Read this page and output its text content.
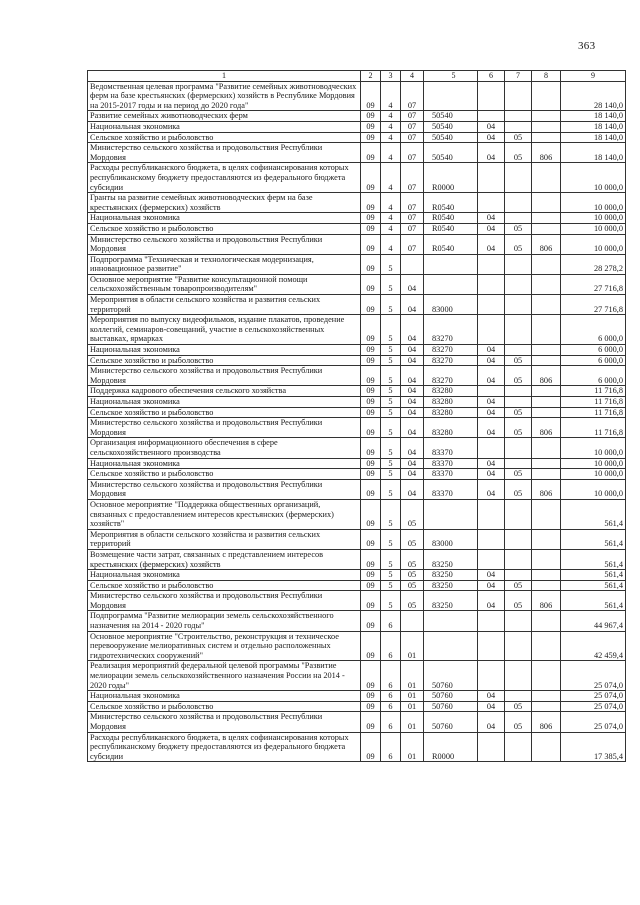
363
1	2	3	4	5	6	7	8	9
Ведомственная целевая программа "Развитие семейных животноводческих ферм на базе крестьянских (фермерских) хозяйств в Республике Мордовия на 2015-2017 годы и на период до 2020 года"	09	4	07					28 140,0
Развитие семейных животноводческих ферм	09	4	07	50540				18 140,0
Национальная экономика	09	4	07	50540	04			18 140,0
Сельское хозяйство и рыболовство	09	4	07	50540	04	05		18 140,0
Министерство сельского хозяйства и продовольствия Республики Мордовия	09	4	07	50540	04	05	806	18 140,0
Расходы республиканского бюджета, в целях софинансирования которых республиканскому бюджету предоставляются из федерального бюджета субсидии	09	4	07	R0000				10 000,0
Гранты на развитие семейных животноводческих ферм на базе крестьянских (фермерских) хозяйств	09	4	07	R0540				10 000,0
Национальная экономика	09	4	07	R0540	04			10 000,0
Сельское хозяйство и рыболовство	09	4	07	R0540	04	05		10 000,0
Министерство сельского хозяйства и продовольствия Республики Мордовия	09	4	07	R0540	04	05	806	10 000,0
Подпрограмма "Техническая и технологическая модернизация, инновационное развитие"	09	5						28 278,2
Основное мероприятие "Развитие консультационной помощи сельскохозяйственным товаропроизводителям"	09	5	04					27 716,8
Мероприятия в области сельского хозяйства и развития сельских территорий	09	5	04	83000				27 716,8
Мероприятия по выпуску видеофильмов, издание плакатов, проведение коллегий, семинаров-совещаний, участие в сельскохозяйственных выставках, ярмарках	09	5	04	83270				6 000,0
Национальная экономика	09	5	04	83270	04			6 000,0
Сельское хозяйство и рыболовство	09	5	04	83270	04	05		6 000,0
Министерство сельского хозяйства и продовольствия Республики Мордовия	09	5	04	83270	04	05	806	6 000,0
Поддержка кадрового обеспечения сельского хозяйства	09	5	04	83280				11 716,8
Национальная экономика	09	5	04	83280	04			11 716,8
Сельское хозяйство и рыболовство	09	5	04	83280	04	05		11 716,8
Министерство сельского хозяйства и продовольствия Республики Мордовия	09	5	04	83280	04	05	806	11 716,8
Организация информационного обеспечения в сфере сельскохозяйственного производства	09	5	04	83370				10 000,0
Национальная экономика	09	5	04	83370	04			10 000,0
Сельское хозяйство и рыболовство	09	5	04	83370	04	05		10 000,0
Министерство сельского хозяйства и продовольствия Республики Мордовия	09	5	04	83370	04	05	806	10 000,0
Основное мероприятие "Поддержка общественных организаций, связанных с предоставлением интересов крестьянских (фермерских) хозяйств"	09	5	05					561,4
Мероприятия в области сельского хозяйства и развития сельских территорий	09	5	05	83000				561,4
Возмещение части затрат, связанных с представлением интересов крестьянских (фермерских) хозяйств	09	5	05	83250				561,4
Национальная экономика	09	5	05	83250	04			561,4
Сельское хозяйство и рыболовство	09	5	05	83250	04	05		561,4
Министерство сельского хозяйства и продовольствия Республики Мордовия	09	5	05	83250	04	05	806	561,4
Подпрограмма "Развитие мелиорации земель сельскохозяйственного назначения на 2014 - 2020 годы"	09	6						44 967,4
Основное мероприятие "Строительство, реконструкция и техническое перевооружение мелиоративных систем и отдельно расположенных гидротехнических сооружений"	09	6	01					42 459,4
Реализация мероприятий федеральной целевой программы "Развитие мелиорации земель сельскохозяйственного назначения России на 2014 - 2020 годы"	09	6	01	50760				25 074,0
Национальная экономика	09	6	01	50760	04			25 074,0
Сельское хозяйство и рыболовство	09	6	01	50760	04	05		25 074,0
Министерство сельского хозяйства и продовольствия Республики Мордовия	09	6	01	50760	04	05	806	25 074,0
Расходы республиканского бюджета, в целях софинансирования которых республиканскому бюджету предоставляются из федерального бюджета субсидии	09	6	01	R0000				17 385,4
